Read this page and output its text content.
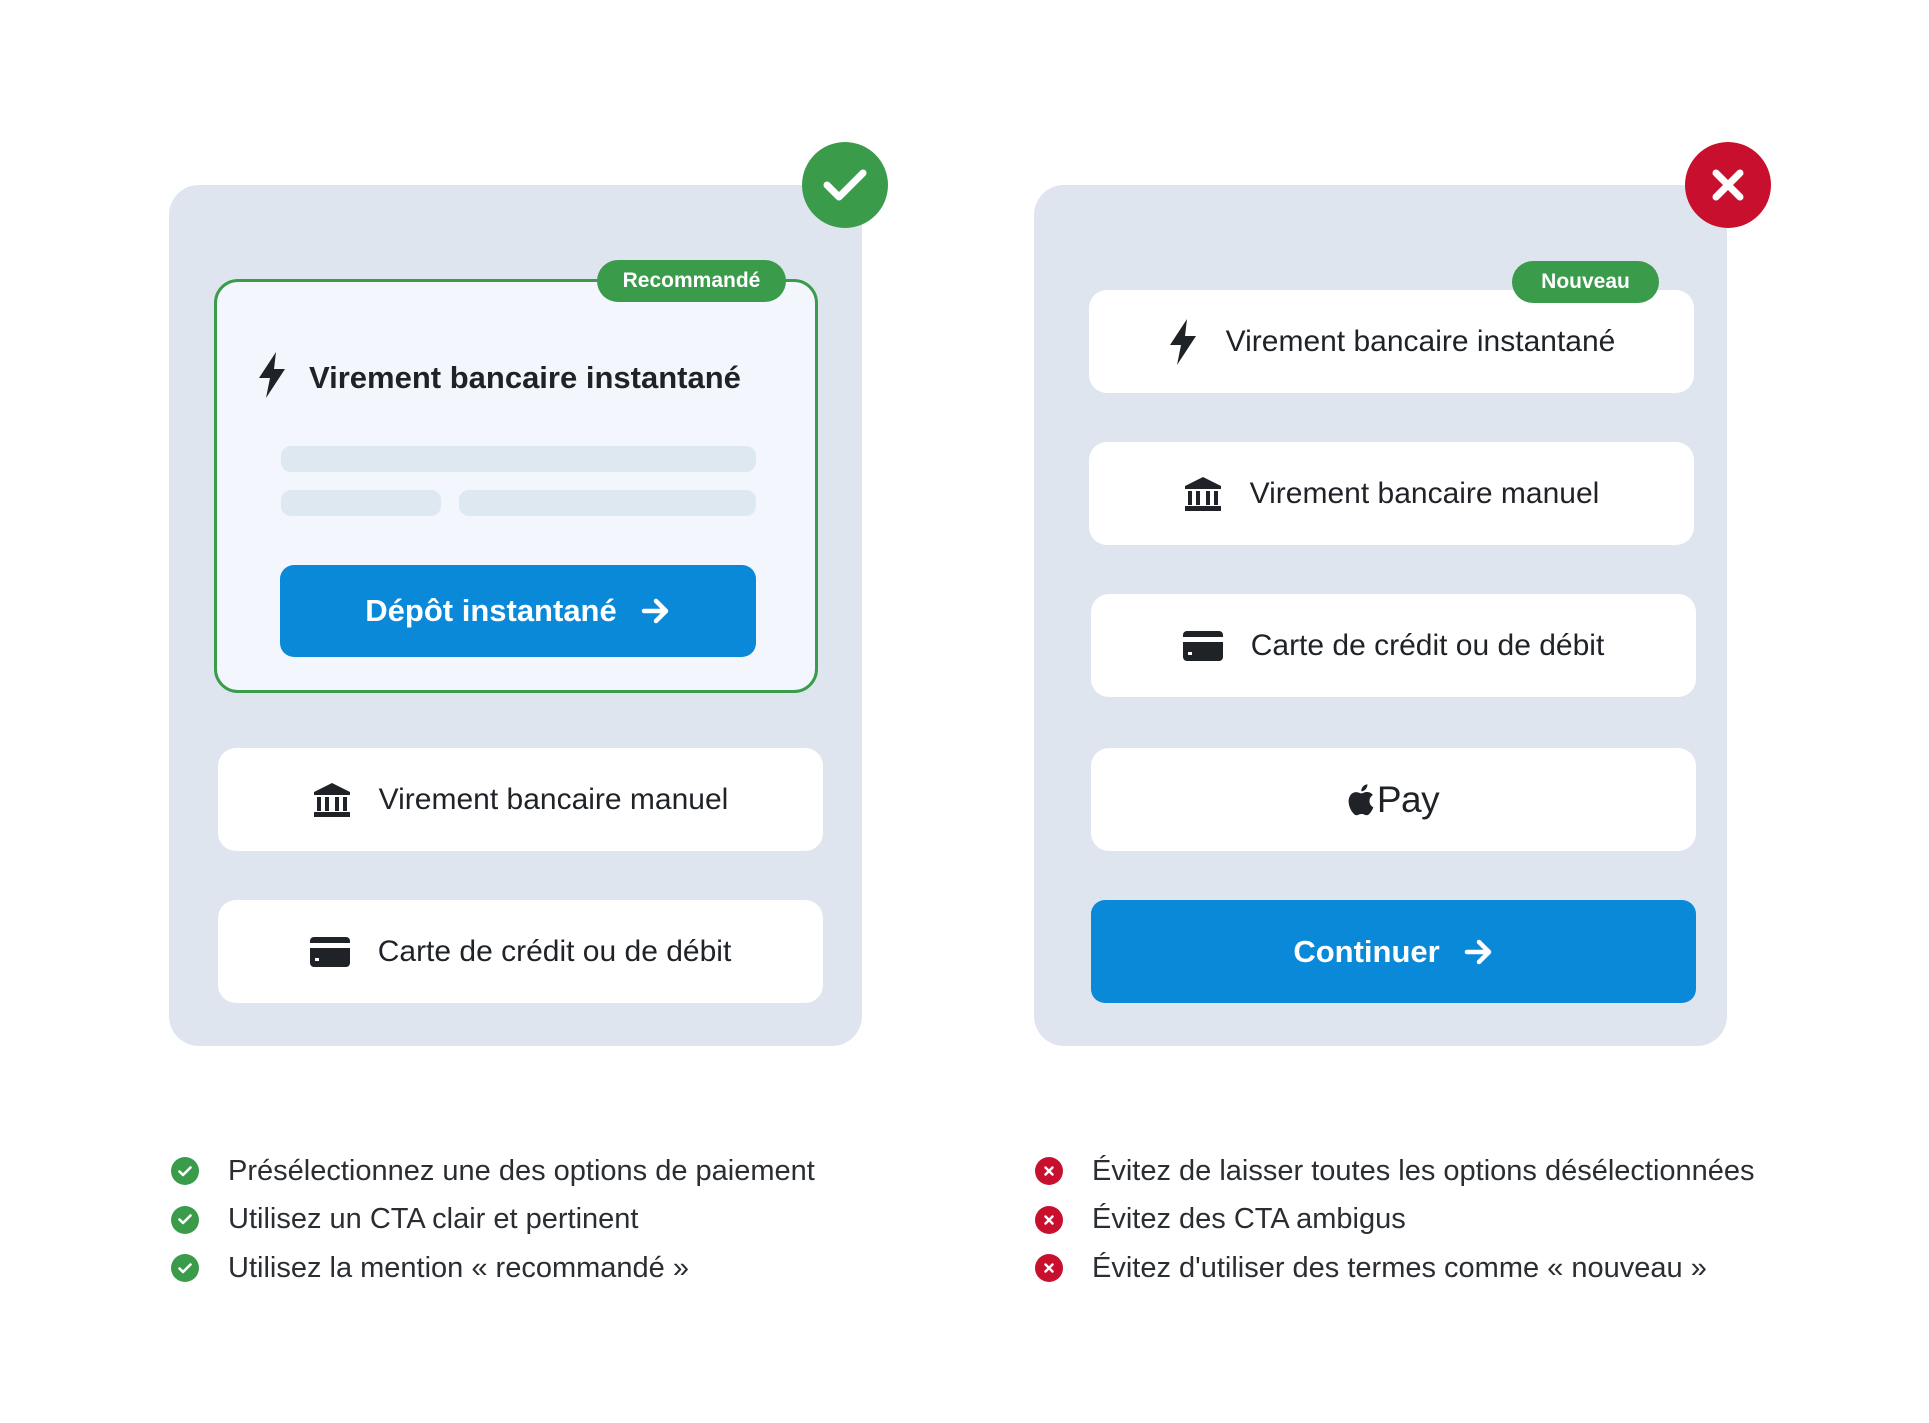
Virement bancaire instantané
Dépôt instantané
Recommandé
Virement bancaire manuel
Carte de crédit ou de débit
Virement bancaire instantané
Nouveau
Virement bancaire manuel
Carte de crédit ou de débit
Pay
Continuer
Présélectionnez une des options de paiement
Utilisez un CTA clair et pertinent
Utilisez la mention « recommandé »
Évitez de laisser toutes les options désélectionnées
Évitez des CTA ambigus
Évitez d'utiliser des termes comme « nouveau »
